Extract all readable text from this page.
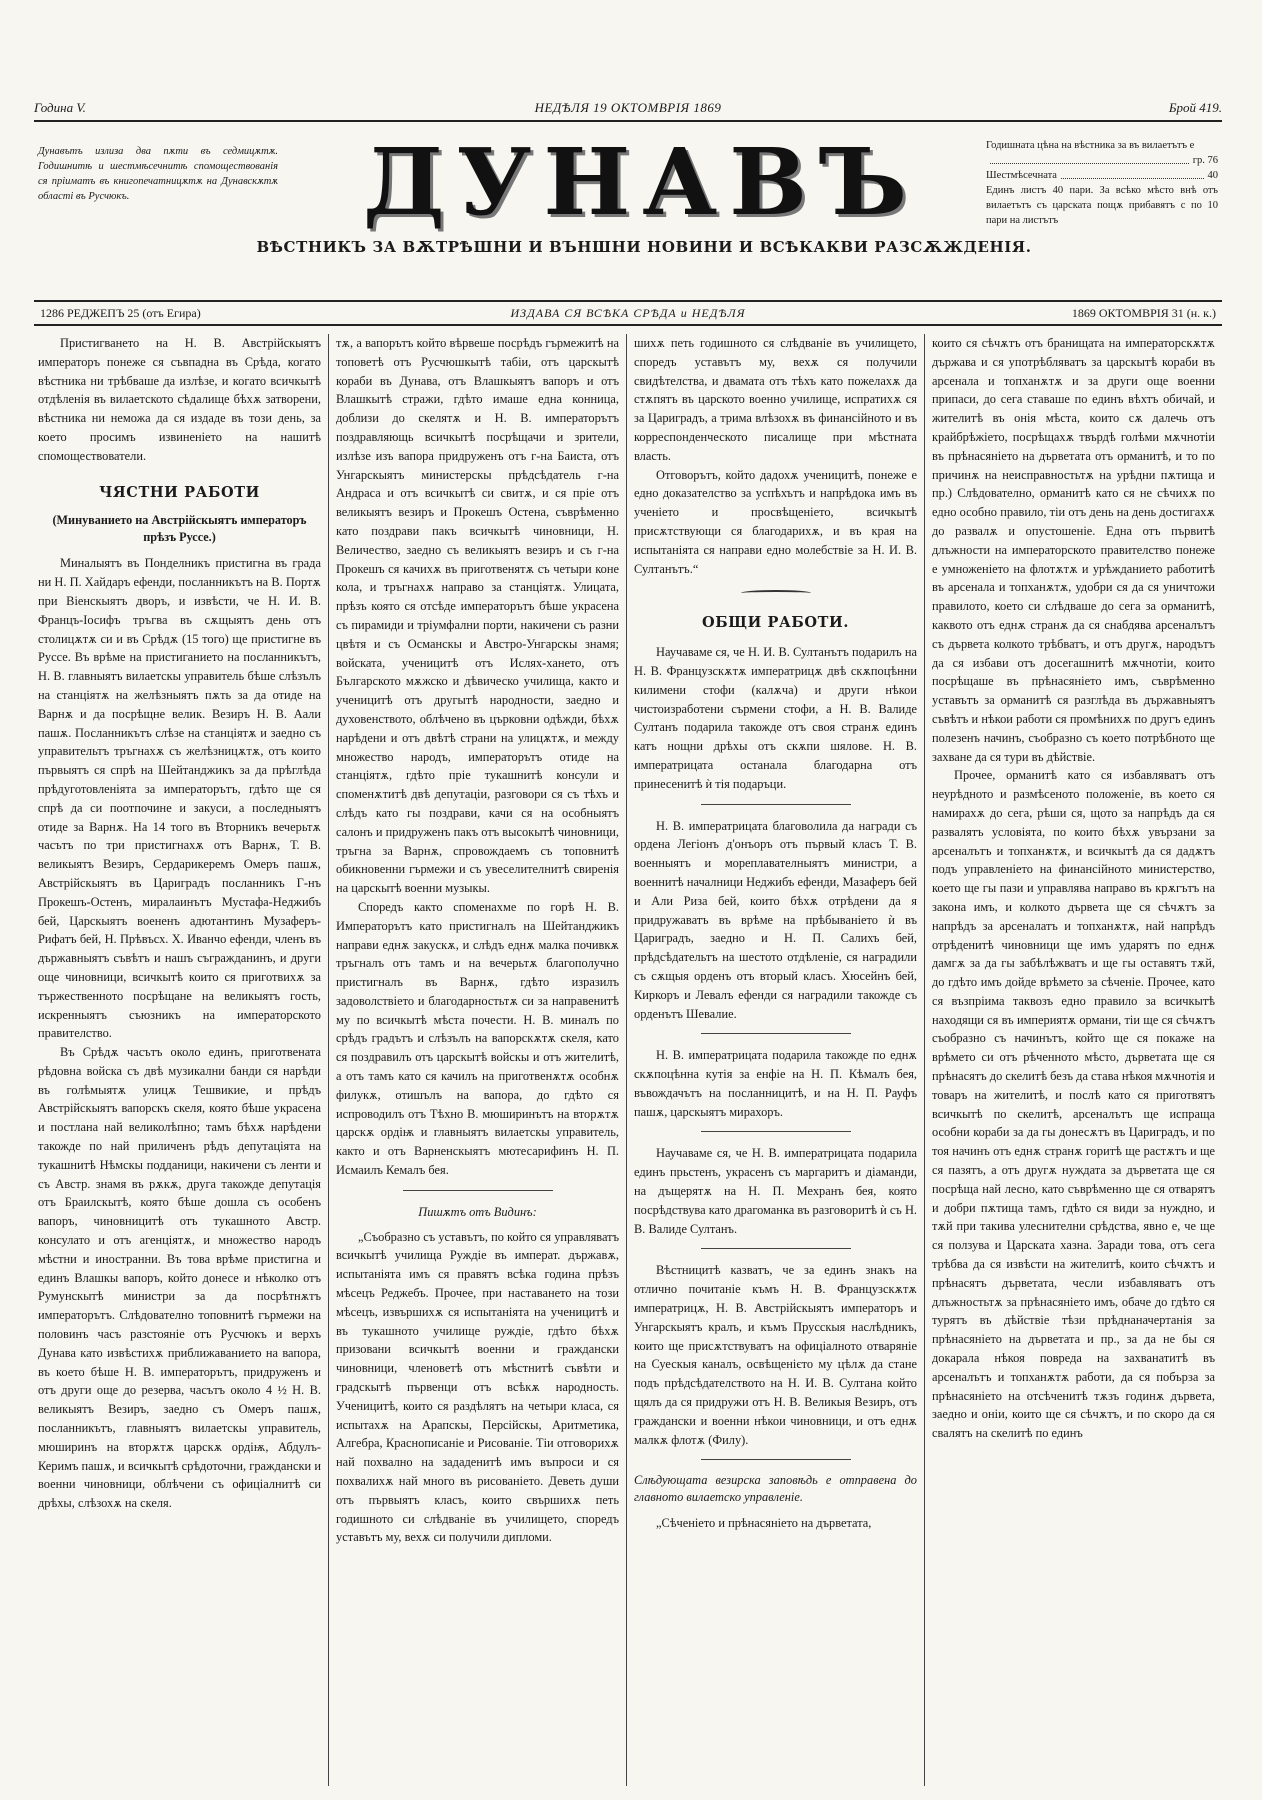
Година V.	НЕДѢЛЯ 19 ОКТОМВРІЯ 1869	Брой 419.
Дунавътъ излиза два пѫти въ седмицѫтѫ. Годишнитѣ и шестмѣсечнитѣ спомоществованія ся пріиматъ въ книгопечатницѫтѫ на Дунавскѫтѫ області въ Русчюкъ.
Годишната цѣна на вѣстника за въ вилаетътъ е
гр.
76
Шестмѣсечната	40
Единъ листъ 40 пари. За всѣко мѣсто внѣ отъ вилаетътъ съ царската пощѫ прибавятъ с по 10 пари на листътъ
ДУНАВЪ
ВѢСТНИКЪ ЗА ВѪТРѢШНИ И ВЪНШНИ НОВИНИ И ВСѢКАКВИ РАЗСѪЖДЕНІЯ.
1286 РЕДЖЕПЪ 25 (отъ Егира)	ИЗДАВА СЯ ВСѢКА СРѢДА и НЕДѢЛЯ	1869 ОКТОМВРІЯ 31 (н. к.)

Пристигването на Н. В. Австрійскыятъ императоръ понеже ся съвпадна въ Срѣда, когато вѣстника ни трѣбваше да излѣзе, и когато всичкытѣ отдѣленія въ вилаетското сѣдалище бѣхѫ затворени, вѣстника ни неможа да ся издаде въ този день, за което просимъ извиненіето на нашитѣ спомоществователи.

ЧЯСТНИ РАБОТИ
(Минуванието на Австрійскыятъ императоръ прѣзъ Руссе.)

Миналыятъ въ Понделникъ пристигна въ града ни Н. П. Хайдаръ ефенди, посланникътъ на В. Портѫ при Віенскыятъ дворъ, и извѣсти, че Н. И. В. Францъ-Іосифъ тръгва въ сѫщыятъ день отъ столицѫтѫ си и въ Срѣдѫ (15 того) ще пристигне въ Руссе. Въ врѣме на пристиганието на посланникътъ, Н. В. главныятъ вилаетскы управитель бѣше слѣзълъ на станціятѫ на желѣзныятъ пѫть за да отиде на Варнѫ и да посрѣщне велик. Везиръ Н. В. Аали пашѫ. Посланникътъ слѣзе на станціятѫ и заедно съ управительтъ тръгнахѫ съ желѣзницѫтѫ, отъ които първыятъ ся спрѣ на Шейтанджикъ за да прѣглѣда прѣдуготовленіята за императорътъ, гдѣто ще ся спрѣ да си поотпочине и закуси, а последныятъ отиде за Варнѫ. На 14 того въ Вторникъ вечерьтѫ часътъ по три пристигнахѫ отъ Варнѫ, Т. В. великыятъ Везиръ, Сердарикеремъ Омеръ пашѫ, Австрійскыятъ въ Цариградъ посланникъ Г-нъ Прокешъ-Остенъ, миралаинътъ Мустафа-Неджибъ бей, Царскыятъ воененъ адютантинъ Музаферъ-Рифатъ бей, Н. Прѣвъсх. Х. Иванчо ефенди, членъ въ държавныятъ съвѣтъ и нашъ съгражданинъ, и други още чиновници, всичкытѣ които ся приготвихѫ за тържественното посрѣщане на великыятъ гость, искренныятъ съюзникъ на императорското правителство.

Въ Срѣдѫ часътъ около единъ, приготвената рѣдовна войска съ двѣ музикални банди ся нарѣди въ голѣмыятѫ улицѫ Тешвикие, и прѣдъ Австрійскыятъ вапорскъ скеля, която бѣше украсена и постлана най великолѣпно; тамъ бѣхѫ нарѣдени такожде по най приличенъ рѣдъ депутаціята на тукашнитѣ Нѣмскы подданици, накичени съ ленти и съ Австр. знамя въ рѫкѫ, друга такожде депутація отъ Браилскытѣ, която бѣше дошла съ особенъ вапоръ, чиновницитѣ отъ тукашното Австр. консулато и отъ агенціятѫ, и множество народъ мѣстни и иностранни. Въ това врѣме пристигна и единъ Влашкы вапоръ, който донесе и нѣколко отъ Румунскытѣ министри за да посрѣтнѫтъ императорътъ. Слѣдователно топовнитѣ гърмежи на половинъ часъ разстояніе отъ Русчюкъ и верхъ Дунава като извѣстихѫ приближаванието на вапора, въ което бѣше Н. В. императорътъ, придруженъ и отъ други още до резерва, часътъ около 4 ½ Н. В. великыятъ Везиръ, заедно съ Омеръ пашѫ, посланникътъ, главныятъ вилаетскы управитель, мюширинъ на вторѫтѫ царскѫ ордіѭ, Абдулъ-Керимъ пашѫ, и всичкытѣ срѣдоточни, граждански и военни чиновници, облѣчени съ офиціалнитѣ си дрѣхы, слѣзохѫ на скеля.

тѫ, а вапорътъ който вѣрвеше посрѣдъ гърмежитѣ на топоветѣ отъ Русчюшкытѣ табіи, отъ царскытѣ кораби въ Дунава, отъ Влашкыятъ вапоръ и отъ Влашкытѣ стражи, гдѣто имаше една конница, доблизи до скелятѫ и Н. В. императорътъ поздравляющь всичкытѣ посрѣщачи и зрители, излѣзе изъ вапора придруженъ отъ г-на Баиста, отъ Унгарскыятъ министерскы прѣдсѣдатель г-на Андраса и отъ всичкытѣ си свитѫ, и ся пріе отъ великыятъ везиръ и Прокешъ Остена, съврѣменно като поздрави пакъ всичкытѣ чиновници, Н. Величество, заедно съ великыятъ везиръ и съ г-на Прокешъ ся качихѫ въ приготвенятѫ съ четыри коне кола, и тръгнахѫ направо за станціятѫ. Улицата, прѣзъ която ся отсѣде императорътъ бѣше украсена съ пирамиди и тріумфални порти, накичени съ разни цвѣтя и съ Османскы и Австро-Унгарскы знамя; войската, ученицитѣ отъ Ислях-хането, отъ Българското мѫжско и дѣвическо училища, както и ученицитѣ отъ другытѣ народности, заедно и духовенството, облѣчено въ църковни одѣжди, бѣхѫ нарѣдени и отъ двѣтѣ страни на улицѫтѫ, и между множество народъ, императорътъ отиде на станціятѫ, гдѣто пріе тукашнитѣ консули и споменѫтитѣ двѣ депутаціи, разговори ся съ тѣхъ и слѣдъ като гы поздрави, качи ся на особныятъ салонъ и придруженъ пакъ отъ высокытѣ чиновници, тръгна за Варнѫ, спровождаемъ съ топовнитѣ обикновенни гърмежи и съ увеселителнитѣ свиренія на царскытѣ военни музыкы.

Споредъ както споменахме по горѣ Н. В. Императорътъ като пристигналъ на Шейтанджикъ направи еднѫ закускѫ, и слѣдъ еднѫ малка почивкѫ тръгналъ отъ тамъ и на вечерьтѫ благополучно пристигналъ въ Варнѫ, гдѣто изразилъ задоволствіето и благодарностьтѫ си за направенитѣ му по всичкытѣ мѣста почести. Н. В. миналъ по срѣдъ градътъ и слѣзълъ на вапорскѫтѫ скеля, като ся поздравилъ отъ царскытѣ войскы и отъ жителитѣ, а отъ тамъ като ся качилъ на приготвенѫтѫ особнѫ филукѫ, отишълъ на вапора, до гдѣто ся испроводилъ отъ Тѣхно В. мюширинътъ на вторѫтѫ царскѫ ордіѭ и главныятъ вилаетскы управитель, както и отъ Варненскыятъ мютесарифинъ Н. П. Исмаилъ Кемалъ бея.

Пишѫтъ отъ Видинъ:

„Съобразно съ уставътъ, по който ся управляватъ всичкытѣ училища Руждіе въ императ. държавѫ, испытаніята имъ ся правятъ всѣка година прѣзъ мѣсецъ Реджебъ. Прочее, при наставането на този мѣсецъ, извършихѫ ся испытаніята на ученицитѣ и въ тукашното училище руждіе, гдѣто бѣхѫ призовани всичкытѣ военни и граждански чиновници, членоветѣ отъ мѣстнитѣ съвѣти и градскытѣ първенци отъ всѣкѫ народность. Ученицитѣ, които ся раздѣлятъ на четыри класа, ся испытахѫ на Арапскы, Персійскы, Аритметика, Алгебра, Краснописаніе и Рисованіе. Тіи отговорихѫ най похвално на зададенитѣ имъ въпроси и ся похвалихѫ най много въ рисованіето. Деветь души отъ първыятъ класъ, които свършихѫ петь годишното си слѣдваніе въ училището, споредъ уставътъ му, вехѫ си получили дипломи.

шихѫ петь годишното ся слѣдваніе въ училището, споредъ уставътъ му, вехѫ ся получили свидѣтелства, и двамата отъ тѣхъ като пожелахѫ да стѫпятъ въ царското военно училище, испратихѫ ся за Цариградъ, а трима влѣзохѫ въ финансійното и въ корреспонденческото писалище при мѣстната власть.

Отговорътъ, който дадохѫ ученицитѣ, понеже е едно доказателство за успѣхътъ и напрѣдока имъ въ ученіето и просвѣщеніето, всичкытѣ присѫтствующи ся благодарихѫ, и въ края на испытаніята ся направи едно молебствіе за Н. И. В. Султанътъ.“

ОБЩИ РАБОТИ.

Научаваме ся, че Н. И. В. Султанътъ подарилъ на Н. В. Французскѫтѫ императрицѫ двѣ скѫпоцѣнни килимени стофи (калѫча) и други нѣкои чистоизработени сърмени стофи, а Н. В. Валиде Султанъ подарила такожде отъ своя странѫ единъ катъ нощни дрѣхы отъ скѫпи шялове. Н. В. императрицата останала благодарна отъ принесенитѣ ѝ тія подаръци.

Н. В. императрицата благоволила да награди съ ордена Легіонъ д'онъоръ отъ първый класъ Т. В. военныятъ и мореплавателныятъ министри, а военнитѣ началници Неджибъ ефенди, Мазаферъ бей и Али Риза бей, които бѣхѫ отрѣдени да я придружаватъ въ врѣме на прѣбываніето ѝ въ Цариградъ, заедно и Н. П. Салихъ бей, прѣдсѣдательтъ на шестото отдѣленіе, ся наградили съ сѫщыя орденъ отъ вторый класъ. Хюсейнъ бей, Киркоръ и Левалъ ефенди ся наградили такожде съ орденътъ Шевалие.

Н. В. императрицата подарила такожде по еднѫ скѫпоцѣнна кутія за енфіе на Н. П. Кѣмалъ бея, въвождачътъ на посланницитѣ, и на Н. П. Рауфъ пашѫ, царскыятъ мирахоръ.

Научаваме ся, че Н. В. императрицата подарила единъ прьстенъ, украсенъ съ маргаритъ и діаманди, на дъщерятѫ на Н. П. Мехранъ бея, която посрѣдствува като драгоманка въ разговоритѣ ѝ съ Н. В. Валиде Султанъ.

Вѣстницитѣ казватъ, че за единъ знакъ на отлично почитаніе къмъ Н. В. Французскѫтѫ императрицѫ, Н. В. Австрійскыятъ императоръ и Унгарскыятъ кралъ, и къмъ Прусскыя наслѣдникъ, които ще присѫтствуватъ на офиціалното отваряніе на Суескыя каналъ, освѣщенієто му цѣлѫ да стане подъ прѣдсѣдателството на Н. И. В. Султана който щялъ да ся придружи отъ Н. В. Великыя Везиръ, отъ граждански и военни нѣкои чиновници, и отъ еднѫ малкѫ флотѫ (Филу).

Слѣдующата везирска заповѣдь е отправена до главното вилаетско управленіе.

„Сѣченіето и прѣнасяніето на дърветата,

които ся сѣчѫтъ отъ бранищата на императорскѫтѫ държава и ся употрѣбляватъ за царскытѣ кораби въ арсенала и топханѫтѫ и за други още военни припаси, до сега ставаше по единъ вѣхтъ обичай, и жителитѣ въ онія мѣста, които сѫ далечь отъ крайбрѣжіето, посрѣщахѫ твърдѣ голѣми мѫчнотіи въ прѣнасяніето на дърветата отъ орманитѣ, и то по причинѫ на неисправностьтѫ на урѣдни пѫтища и пр.) Слѣдователно, орманитѣ като ся не сѣчихѫ по едно особно правило, тіи отъ день на день достигахѫ до развалѫ и опустошеніе. Една отъ първитѣ длъжности на императорското правителство понеже е умноженіето на флотѫтѫ и урѣжданието работитѣ въ арсенала и топханѫтѫ, удобри ся да ся уничтожи правилото, което си слѣдваше до сега за орманитѣ, каквото отъ еднѫ странѫ да ся снабдява арсеналътъ съ дървета колкото трѣбватъ, и отъ другѫ, народътъ да ся избави отъ досегашнитѣ мѫчнотіи, които посрѣщаше въ прѣнасяніето имъ, съврѣменно уставътъ за орманитѣ ся разглѣда въ държавныятъ съвѣтъ и нѣкои работи ся промѣнихѫ по другъ единъ полезенъ начинъ, съобразно съ което потрѣбното ще захване да ся тури въ дѣйствіе.

Прочее, орманитѣ като ся избавляватъ отъ неурѣдното и размѣсеното положеніе, въ което ся намирахѫ до сега, рѣши ся, щото за напрѣдъ да ся развалятъ условіята, по които бѣхѫ увързани за арсеналътъ и топханѫтѫ, и всичкытѣ да ся дадѫтъ подъ управленіето на финансійното министерство, което ще гы пази и управлява направо въ крѫгътъ на закона имъ, и колкото дървета ще ся сѣчѫтъ за напрѣдъ за арсеналатъ и топханѫтѫ, най напрѣдъ отрѣденитѣ чиновници ще имъ ударятъ по еднѫ дамгѫ за да гы забѣлѣжватъ и ще гы оставятъ тѫй, до гдѣто имъ дойде врѣмето за сѣченіе. Прочее, като ся възпріима таквозъ едно правило за всичкытѣ находящи ся въ империятѫ ормани, тіи ще ся сѣчѫтъ съобразно съ начинътъ, който ще ся покаже на врѣмето си отъ рѣченното мѣсто, дърветата ще ся прѣнасятъ до скелитѣ безъ да става нѣкоя мѫчнотія и товаръ на жителитѣ, и послѣ като ся приготвятъ всичкытѣ по скелитѣ, арсеналътъ ще испраща особни кораби за да гы донесѫтъ въ Цариградъ, и по тоя начинъ отъ еднѫ странѫ горитѣ ще растѫтъ и ще ся пазятъ, а отъ другѫ нуждата за дърветата ще ся посрѣща най лесно, като съврѣменно ще ся отварятъ и добри пѫтища тамъ, гдѣто ся види за нуждно, и тѫй при такива улеснителни срѣдства, явно е, че ще ся ползува и Царската хазна. Заради това, отъ сега трѣбва да ся извѣсти на жителитѣ, които сѣчѫтъ и прѣнасятъ дърветата, чесли избавляватъ отъ длъжностьтѫ за прѣнасяніето имъ, обаче до гдѣто ся турятъ въ дѣйствіе тѣзи прѣднаначертанія за прѣнасяніето на дърветата и пр., за да не бы ся докарала нѣкоя повреда на захванатитѣ въ арсеналътъ и топханѫтѫ работи, да ся побърза за прѣнасяніето на отсѣченитѣ тѫзъ годинѫ дървета, заедно и оніи, които ще ся сѣчѫтъ, и по скоро да ся свалятъ на скелитѣ по единъ
